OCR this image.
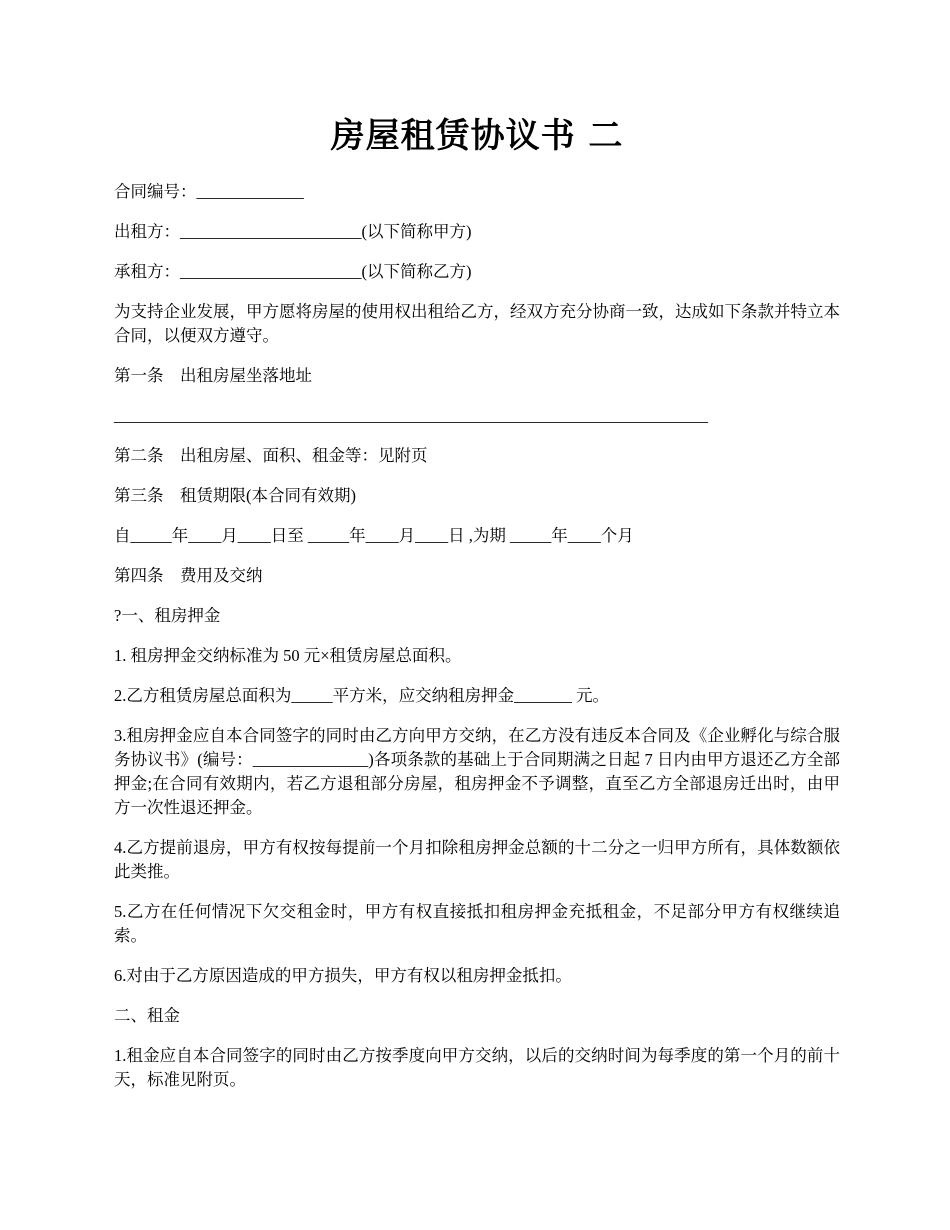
房屋租赁协议书 二

合同编号：_____________

出租方：______________________(以下简称甲方)

承租方：______________________(以下简称乙方)

为支持企业发展，甲方愿将房屋的使用权出租给乙方，经双方充分协商一致，达成如下条款并特立本合同，以便双方遵守。

第一条　出租房屋坐落地址

________________________________________________________________________

第二条　出租房屋、面积、租金等：见附页

第三条　租赁期限(本合同有效期)

自_____年____月____日至 _____年____月____日 ,为期 _____年____个月

第四条　费用及交纳

?一、租房押金

1. 租房押金交纳标准为 50 元×租赁房屋总面积。

2.乙方租赁房屋总面积为_____平方米，应交纳租房押金_______ 元。

3.租房押金应自本合同签字的同时由乙方向甲方交纳，在乙方没有违反本合同及《企业孵化与综合服务协议书》(编号：______________)各项条款的基础上于合同期满之日起 7 日内由甲方退还乙方全部押金;在合同有效期内，若乙方退租部分房屋，租房押金不予调整，直至乙方全部退房迁出时，由甲方一次性退还押金。

4.乙方提前退房，甲方有权按每提前一个月扣除租房押金总额的十二分之一归甲方所有，具体数额依此类推。

5.乙方在任何情况下欠交租金时，甲方有权直接抵扣租房押金充抵租金，不足部分甲方有权继续追索。

6.对由于乙方原因造成的甲方损失，甲方有权以租房押金抵扣。

二、租金

1.租金应自本合同签字的同时由乙方按季度向甲方交纳，以后的交纳时间为每季度的第一个月的前十天，标准见附页。
